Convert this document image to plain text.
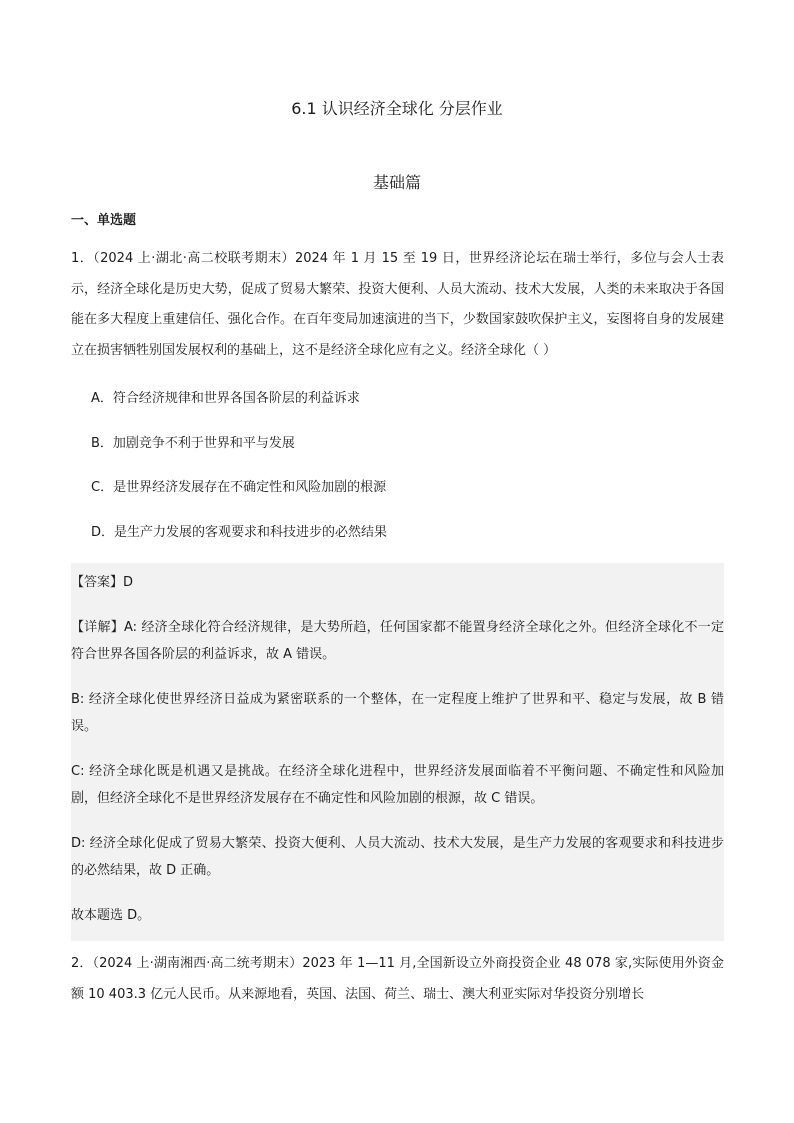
6.1 认识经济全球化 分层作业
基础篇
一、单选题

1．（2024 上·湖北·高二校联考期末）2024 年 1 月 15 至 19 日，世界经济论坛在瑞士举行，多位与会人士表示，经济全球化是历史大势，促成了贸易大繁荣、投资大便利、人员大流动、技术大发展，人类的未来取决于各国能在多大程度上重建信任、强化合作。在百年变局加速演进的当下，少数国家鼓吹保护主义，妄图将自身的发展建立在损害牺牲别国发展权利的基础上，这不是经济全球化应有之义。经济全球化（ ）

A．符合经济规律和世界各国各阶层的利益诉求
B．加剧竞争不利于世界和平与发展
C．是世界经济发展存在不确定性和风险加剧的根源
D．是生产力发展的客观要求和科技进步的必然结果
【答案】D
【详解】A: 经济全球化符合经济规律，是大势所趋，任何国家都不能置身经济全球化之外。但经济全球化不一定符合世界各国各阶层的利益诉求，故 A 错误。
B: 经济全球化使世界经济日益成为紧密联系的一个整体，在一定程度上维护了世界和平、稳定与发展，故 B 错误。
C: 经济全球化既是机遇又是挑战。在经济全球化进程中，世界经济发展面临着不平衡问题、不确定性和风险加剧，但经济全球化不是世界经济发展存在不确定性和风险加剧的根源，故 C 错误。
D: 经济全球化促成了贸易大繁荣、投资大便利、人员大流动、技术大发展，是生产力发展的客观要求和科技进步的必然结果，故 D 正确。
故本题选 D。

2．（2024 上·湖南湘西·高二统考期末）2023 年 1—11 月,全国新设立外商投资企业 48 078 家,实际使用外资金额 10 403.3 亿元人民币。从来源地看，英国、法国、荷兰、瑞士、澳大利亚实际对华投资分别增长
